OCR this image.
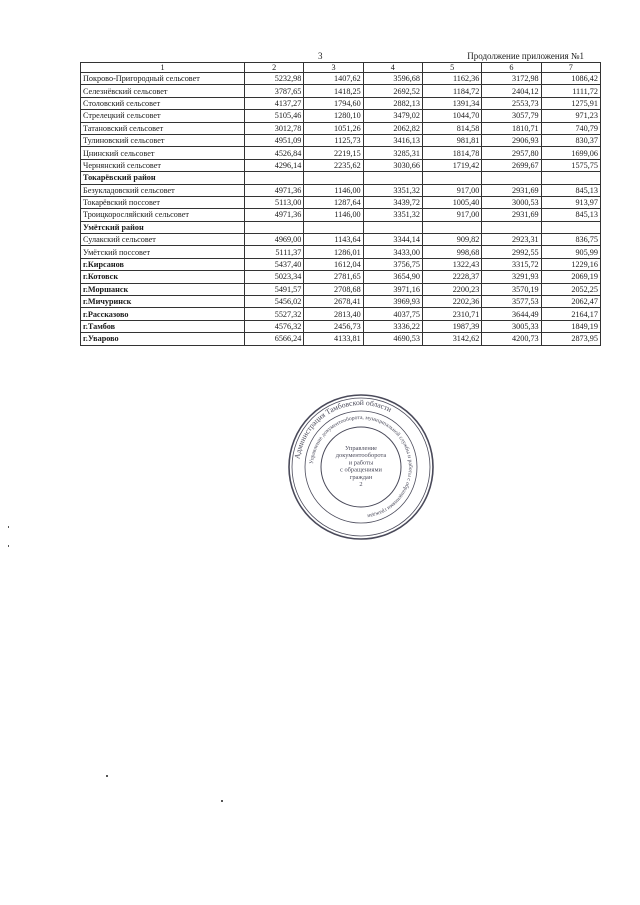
3	Продолжение приложения №1
1	2	3	4	5	6	7
Покрово-Пригородный сельсовет	5232,98	1407,62	3596,68	1162,36	3172,98	1086,42
Селезнёвский сельсовет	3787,65	1418,25	2692,52	1184,72	2404,12	1111,72
Столовский сельсовет	4137,27	1794,60	2882,13	1391,34	2553,73	1275,91
Стрелецкий сельсовет	5105,46	1280,10	3479,02	1044,70	3057,79	971,23
Татановский сельсовет	3012,78	1051,26	2062,82	814,58	1810,71	740,79
Тулиновский сельсовет	4951,09	1125,73	3416,13	981,81	2906,93	830,37
Цнинский сельсовет	4526,84	2219,15	3285,31	1814,78	2957,80	1699,06
Чернянский сельсовет	4296,14	2235,62	3030,66	1719,42	2699,67	1575,75
Токарёвский район						
Безукладовский сельсовет	4971,36	1146,00	3351,32	917,00	2931,69	845,13
Токарёвский поссовет	5113,00	1287,64	3439,72	1005,40	3000,53	913,97
Троицкоросляйский сельсовет	4971,36	1146,00	3351,32	917,00	2931,69	845,13
Умётский район						
Сулакский сельсовет	4969,00	1143,64	3344,14	909,82	2923,31	836,75
Умётский поссовет	5111,37	1286,01	3433,00	998,68	2992,55	905,99
г.Кирсанов	5437,40	1612,04	3756,75	1322,43	3315,72	1229,16
г.Котовск	5023,34	2781,65	3654,90	2228,37	3291,93	2069,19
г.Моршанск	5491,57	2708,68	3971,16	2200,23	3570,19	2052,25
г.Мичуринск	5456,02	2678,41	3969,93	2202,36	3577,53	2062,47
г.Рассказово	5527,32	2813,40	4037,75	2310,71	3644,49	2164,17
г.Тамбов	4576,32	2456,73	3336,22	1987,39	3005,33	1849,19
г.Уварово	6566,24	4133,81	4690,53	3142,62	4200,73	2873,95
Администрация Тамбовской области
Управление документооборота, муниципальной службы и работы с обращениями граждан
Управление
документооборота
и работы
с обращениями
граждан
2
